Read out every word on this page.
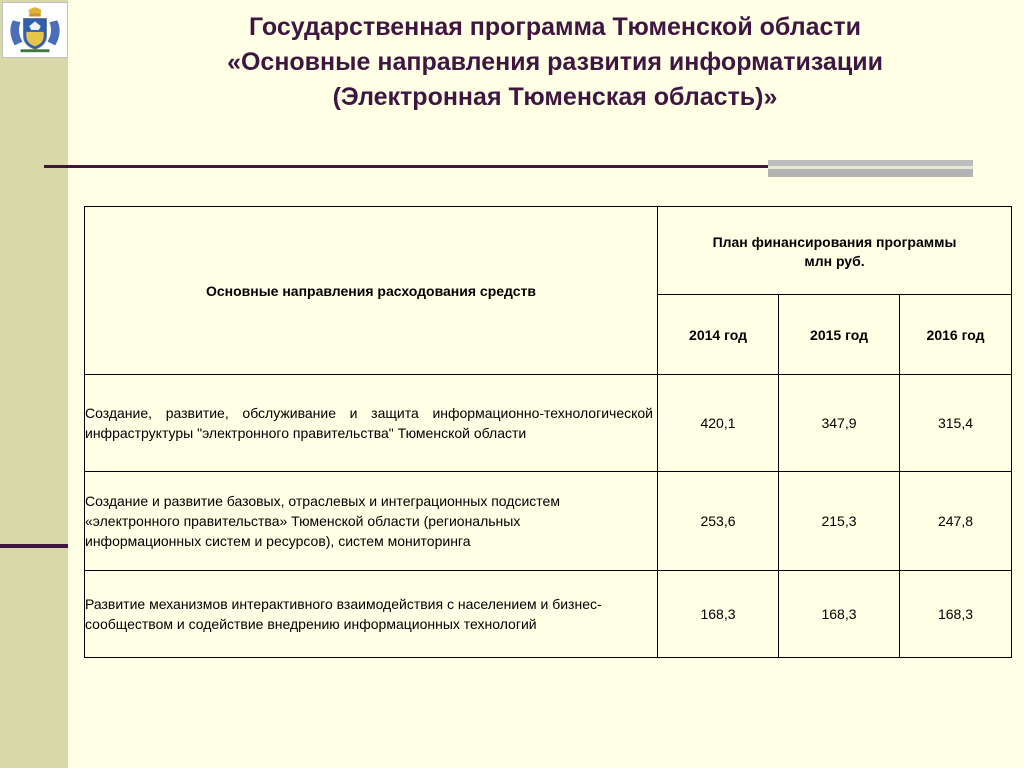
Государственная программа Тюменской области
«Основные направления развития информатизации
(Электронная Тюменская область)»
Основные направления расходования средств	План финансирования программы
млн руб.		
	2014 год	2015 год	2016 год

Создание, развитие, обслуживание и защита информационно-технологической инфраструктуры "электронного правительства" Тюменской области	420,1	347,9	315,4

Создание и развитие базовых, отраслевых и интеграционных подсистем «электронного правительства» Тюменской области (региональных информационных систем и ресурсов), систем мониторинга	253,6	215,3	247,8

Развитие механизмов интерактивного взаимодействия с населением и бизнес-сообществом и содействие внедрению информационных технологий	168,3	168,3	168,3
